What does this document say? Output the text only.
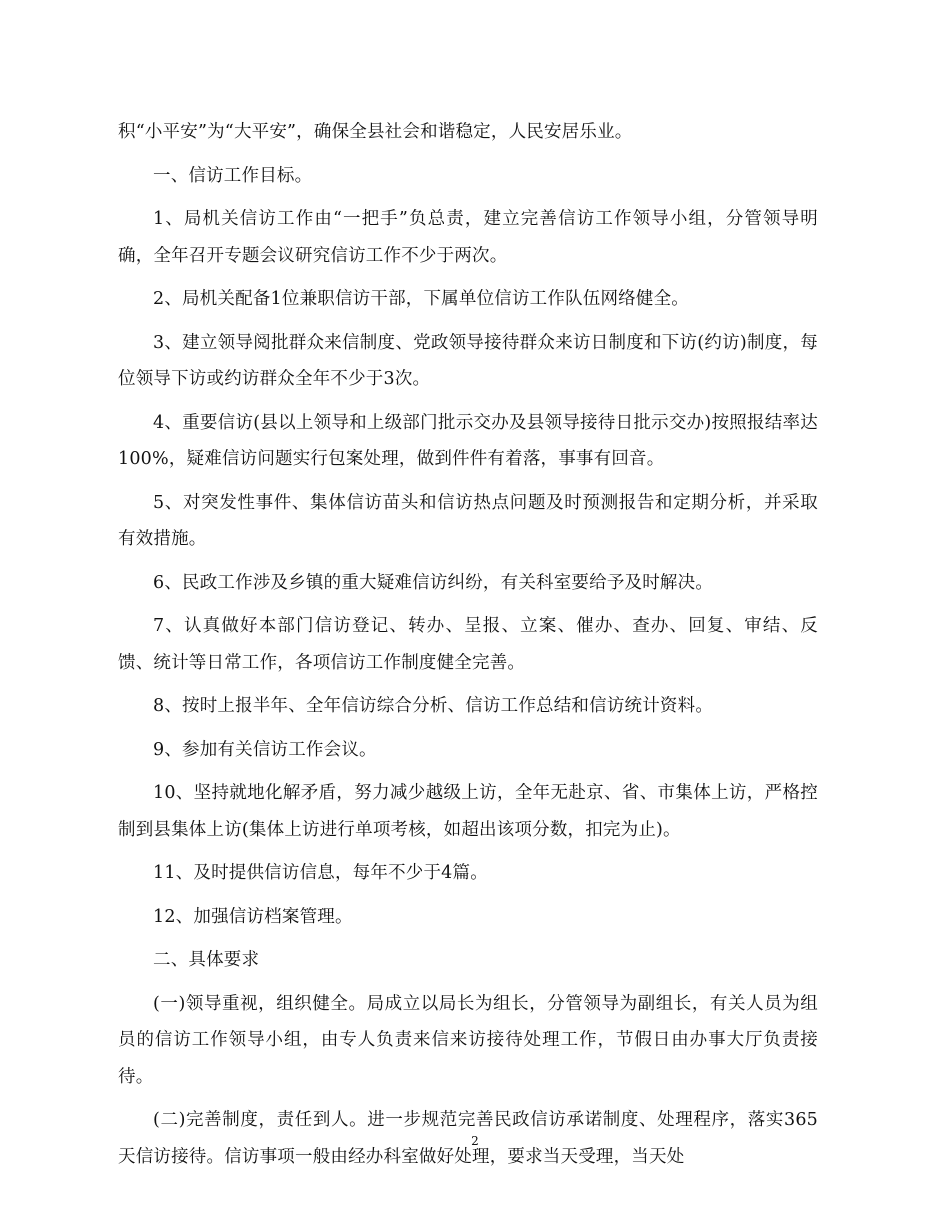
积“小平安”为“大平安”，确保全县社会和谐稳定，人民安居乐业。

一、信访工作目标。

1、局机关信访工作由“一把手”负总责，建立完善信访工作领导小组，分管领导明确，全年召开专题会议研究信访工作不少于两次。

2、局机关配备1位兼职信访干部，下属单位信访工作队伍网络健全。

3、建立领导阅批群众来信制度、党政领导接待群众来访日制度和下访(约访)制度，每位领导下访或约访群众全年不少于3次。

4、重要信访(县以上领导和上级部门批示交办及县领导接待日批示交办)按照报结率达100%，疑难信访问题实行包案处理，做到件件有着落，事事有回音。

5、对突发性事件、集体信访苗头和信访热点问题及时预测报告和定期分析，并采取有效措施。

6、民政工作涉及乡镇的重大疑难信访纠纷，有关科室要给予及时解决。

7、认真做好本部门信访登记、转办、呈报、立案、催办、查办、回复、审结、反馈、统计等日常工作，各项信访工作制度健全完善。

8、按时上报半年、全年信访综合分析、信访工作总结和信访统计资料。

9、参加有关信访工作会议。

10、坚持就地化解矛盾，努力减少越级上访，全年无赴京、省、市集体上访，严格控制到县集体上访(集体上访进行单项考核，如超出该项分数，扣完为止)。

11、及时提供信访信息，每年不少于4篇。

12、加强信访档案管理。

二、具体要求

(一)领导重视，组织健全。局成立以局长为组长，分管领导为副组长，有关人员为组员的信访工作领导小组，由专人负责来信来访接待处理工作，节假日由办事大厅负责接待。

(二)完善制度，责任到人。进一步规范完善民政信访承诺制度、处理程序，落实365天信访接待。信访事项一般由经办科室做好处理，要求当天受理，当天处

2
